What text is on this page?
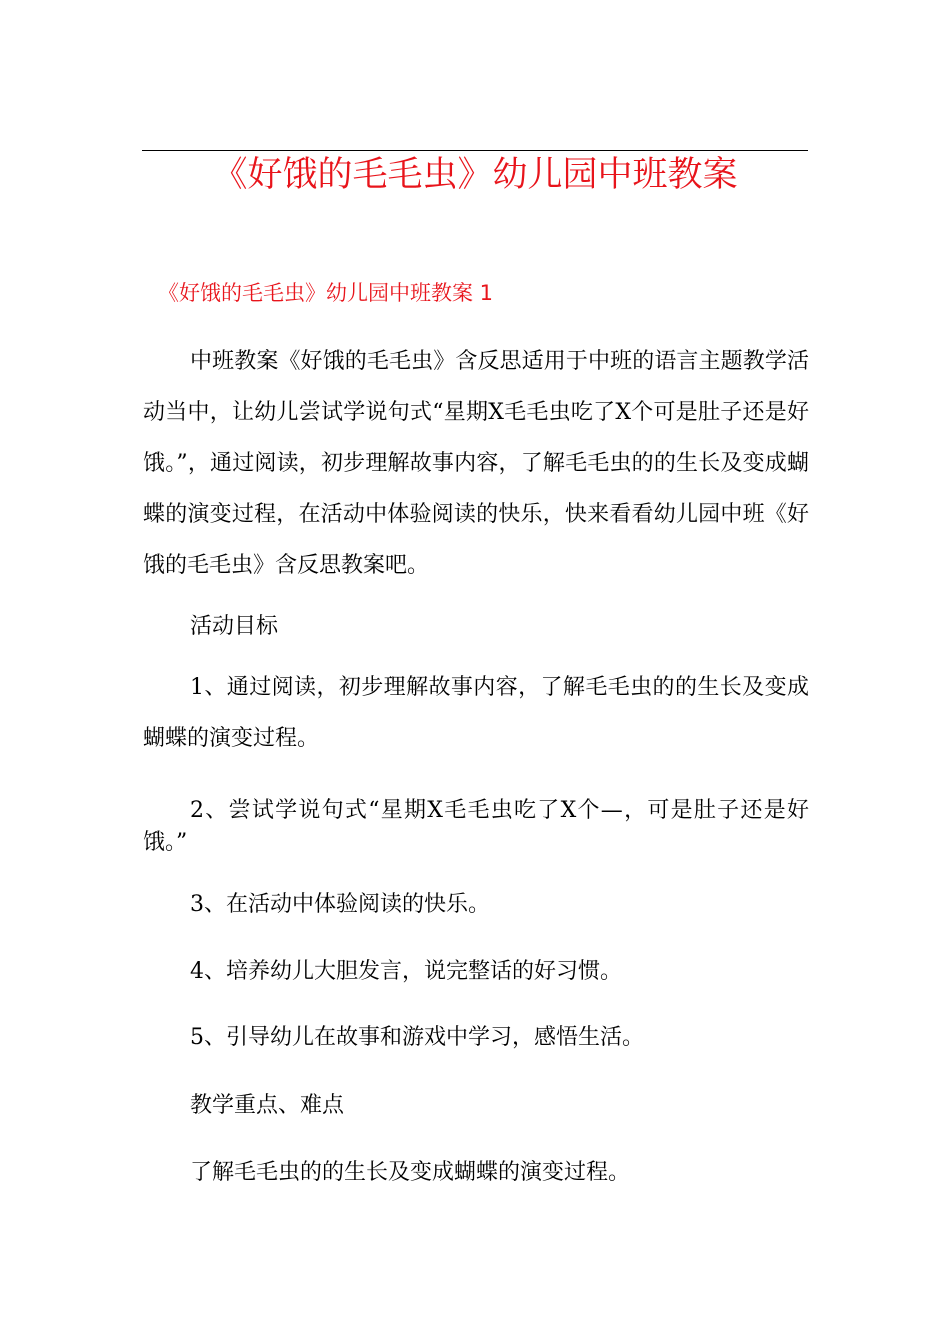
《好饿的毛毛虫》幼儿园中班教案
《好饿的毛毛虫》幼儿园中班教案 1

中班教案《好饿的毛毛虫》含反思适用于中班的语言主题教学活动当中，让幼儿尝试学说句式“星期X毛毛虫吃了X个可是肚子还是好饿。”，通过阅读，初步理解故事内容，了解毛毛虫的的生长及变成蝴蝶的演变过程，在活动中体验阅读的快乐，快来看看幼儿园中班《好饿的毛毛虫》含反思教案吧。

活动目标

1、通过阅读，初步理解故事内容，了解毛毛虫的的生长及变成蝴蝶的演变过程。

2、尝试学说句式“星期X毛毛虫吃了X个—，可是肚子还是好饿。”

3、在活动中体验阅读的快乐。

4、培养幼儿大胆发言，说完整话的好习惯。

5、引导幼儿在故事和游戏中学习，感悟生活。

教学重点、难点

了解毛毛虫的的生长及变成蝴蝶的演变过程。
